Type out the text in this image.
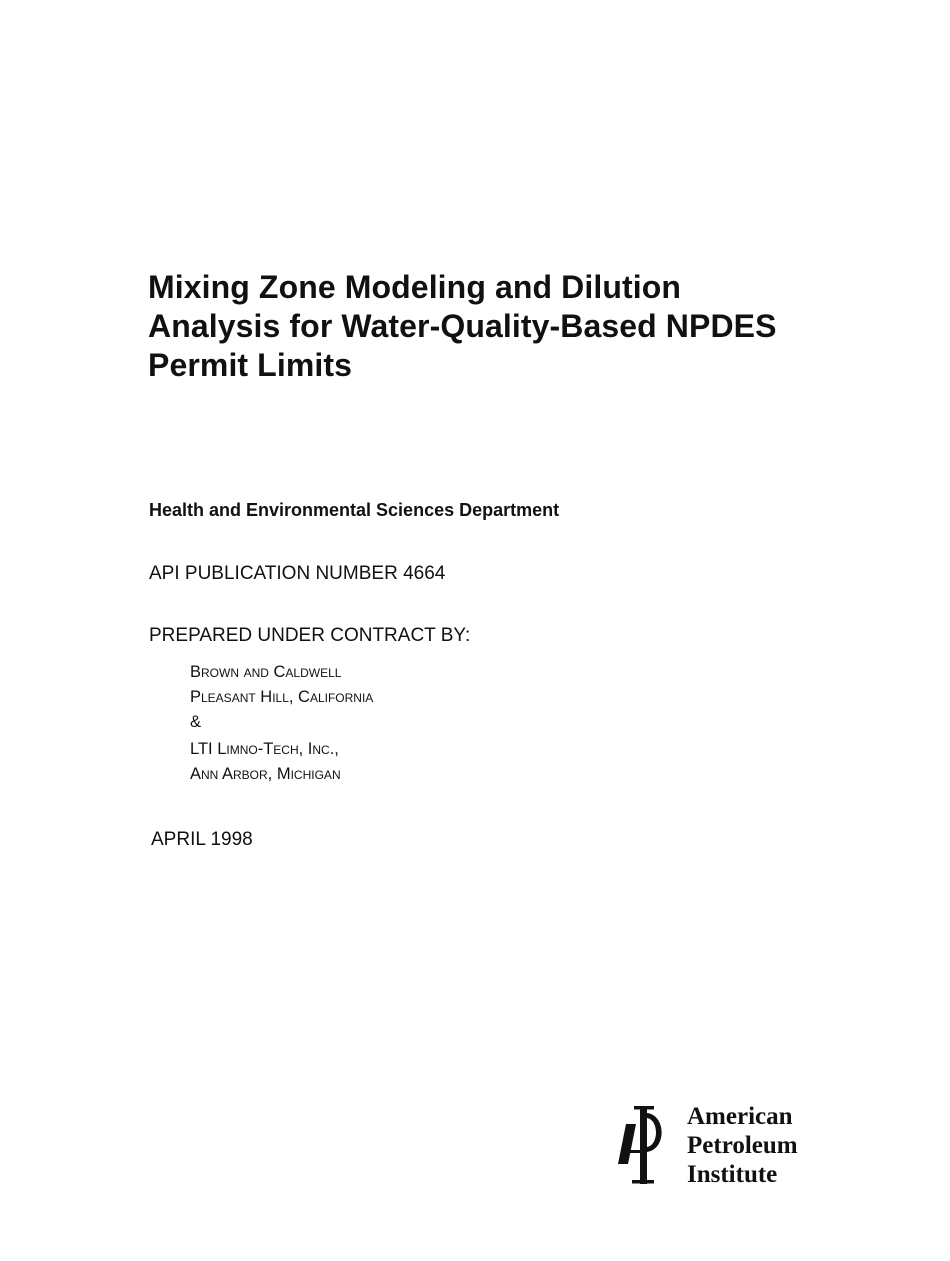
Mixing Zone Modeling and Dilution
Analysis for Water-Quality-Based NPDES
Permit Limits

Health and Environmental Sciences Department

API PUBLICATION NUMBER 4664

PREPARED UNDER CONTRACT BY:

Brown and Caldwell
Pleasant Hill, California
&
LTI Limno-Tech, Inc.,
Ann Arbor, Michigan

APRIL 1998

American
Petroleum
Institute
